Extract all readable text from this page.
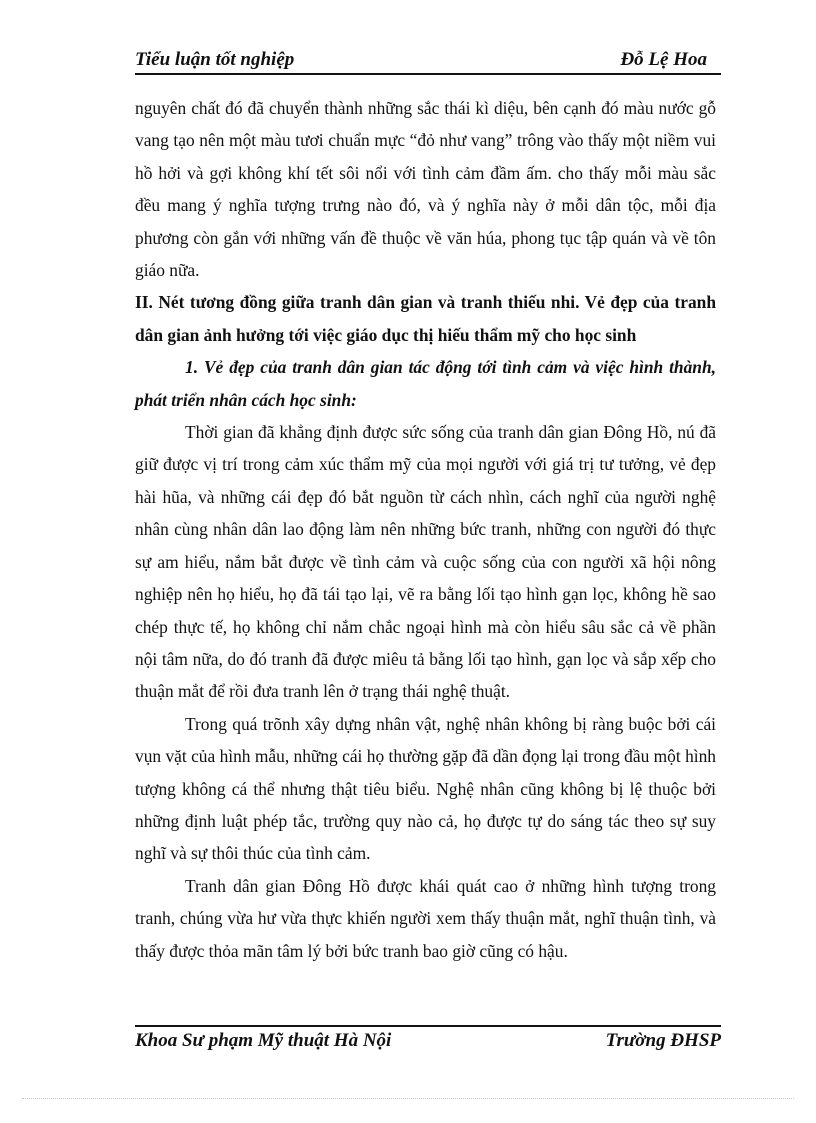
Tiểu luận tốt nghiệp	Đỗ Lệ Hoa

nguyên chất đó đã chuyển thành những sắc thái kì diệu, bên cạnh đó màu nước gỗ vang tạo nên một màu tươi chuẩn mực “đỏ như vang” trông vào thấy một niềm vui hồ hởi và gợi không khí tết sôi nổi với tình cảm đầm ấm. cho thấy mỗi màu sắc đều mang ý nghĩa tượng trưng nào đó, và ý nghĩa này ở mỗi dân tộc, mỗi địa phương còn gắn với những vấn đề thuộc về văn húa, phong tục tập quán và về tôn giáo nữa.

II. Nét tương đồng giữa tranh dân gian và tranh thiếu nhi. Vẻ đẹp của tranh dân gian ảnh hưởng tới việc giáo dục thị hiếu thẩm mỹ cho học sinh

1. Vẻ đẹp của tranh dân gian tác động tới tình cảm và việc hình thành, phát triển nhân cách học sinh:

Thời gian đã khẳng định được sức sống của tranh dân gian Đông Hồ, nú đã giữ được vị trí trong cảm xúc thẩm mỹ của mọi người với giá trị tư tưởng, vẻ đẹp hài hũa, và những cái đẹp đó bắt nguồn từ cách nhìn, cách nghĩ của người nghệ nhân cùng nhân dân lao động làm nên những bức tranh, những con người đó thực sự am hiểu, nắm bắt được về tình cảm và cuộc sống của con người xã hội nông nghiệp nên họ hiểu, họ đã tái tạo lại, vẽ ra bằng lối tạo hình gạn lọc, không hề sao chép thực tế, họ không chỉ nắm chắc ngoại hình mà còn hiểu sâu sắc cả về phần nội tâm nữa, do đó tranh đã được miêu tả bằng lối tạo hình, gạn lọc và sắp xếp cho thuận mắt để rồi đưa tranh lên ở trạng thái nghệ thuật.

Trong quá trõnh xây dựng nhân vật, nghệ nhân không bị ràng buộc bởi cái vụn vặt của hình mẫu, những cái họ thường gặp đã dần đọng lại trong đầu một hình tượng không cá thể nhưng thật tiêu biểu. Nghệ nhân cũng không bị lệ thuộc bởi những định luật phép tắc, trường quy nào cả, họ được tự do sáng tác theo sự suy nghĩ và sự thôi thúc của tình cảm.

Tranh dân gian Đông Hồ được khái quát cao ở những hình tượng trong tranh, chúng vừa hư vừa thực khiến người xem thấy thuận mắt, nghĩ thuận tình, và thấy được thỏa mãn tâm lý bởi bức tranh bao giờ cũng có hậu.

Khoa Sư phạm Mỹ thuật Hà Nội	Trường ĐHSP
